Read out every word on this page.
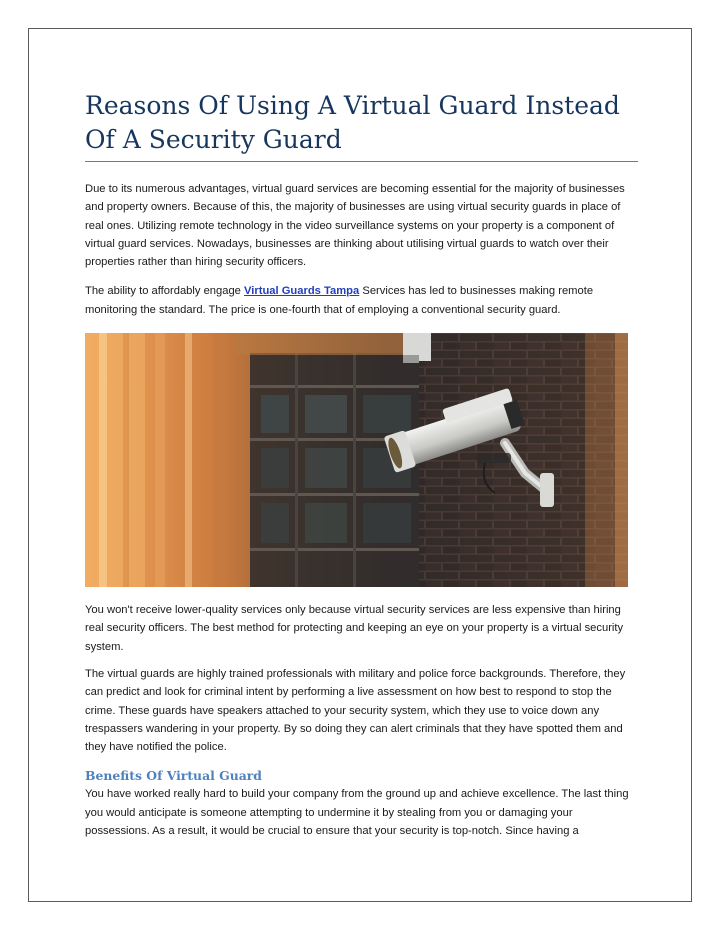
Reasons Of Using A Virtual Guard Instead Of A Security Guard

Due to its numerous advantages, virtual guard services are becoming essential for the majority of businesses and property owners. Because of this, the majority of businesses are using virtual security guards in place of real ones. Utilizing remote technology in the video surveillance systems on your property is a component of virtual guard services. Nowadays, businesses are thinking about utilising virtual guards to watch over their properties rather than hiring security officers.

The ability to affordably engage Virtual Guards Tampa Services has led to businesses making remote monitoring the standard. The price is one-fourth that of employing a conventional security guard.

You won't receive lower-quality services only because virtual security services are less expensive than hiring real security officers. The best method for protecting and keeping an eye on your property is a virtual security system.

The virtual guards are highly trained professionals with military and police force backgrounds. Therefore, they can predict and look for criminal intent by performing a live assessment on how best to respond to stop the crime. These guards have speakers attached to your security system, which they use to voice down any trespassers wandering in your property. By so doing they can alert criminals that they have spotted them and they have notified the police.

Benefits Of Virtual Guard

You have worked really hard to build your company from the ground up and achieve excellence. The last thing you would anticipate is someone attempting to undermine it by stealing from you or damaging your possessions. As a result, it would be crucial to ensure that your security is top-notch. Since having a
